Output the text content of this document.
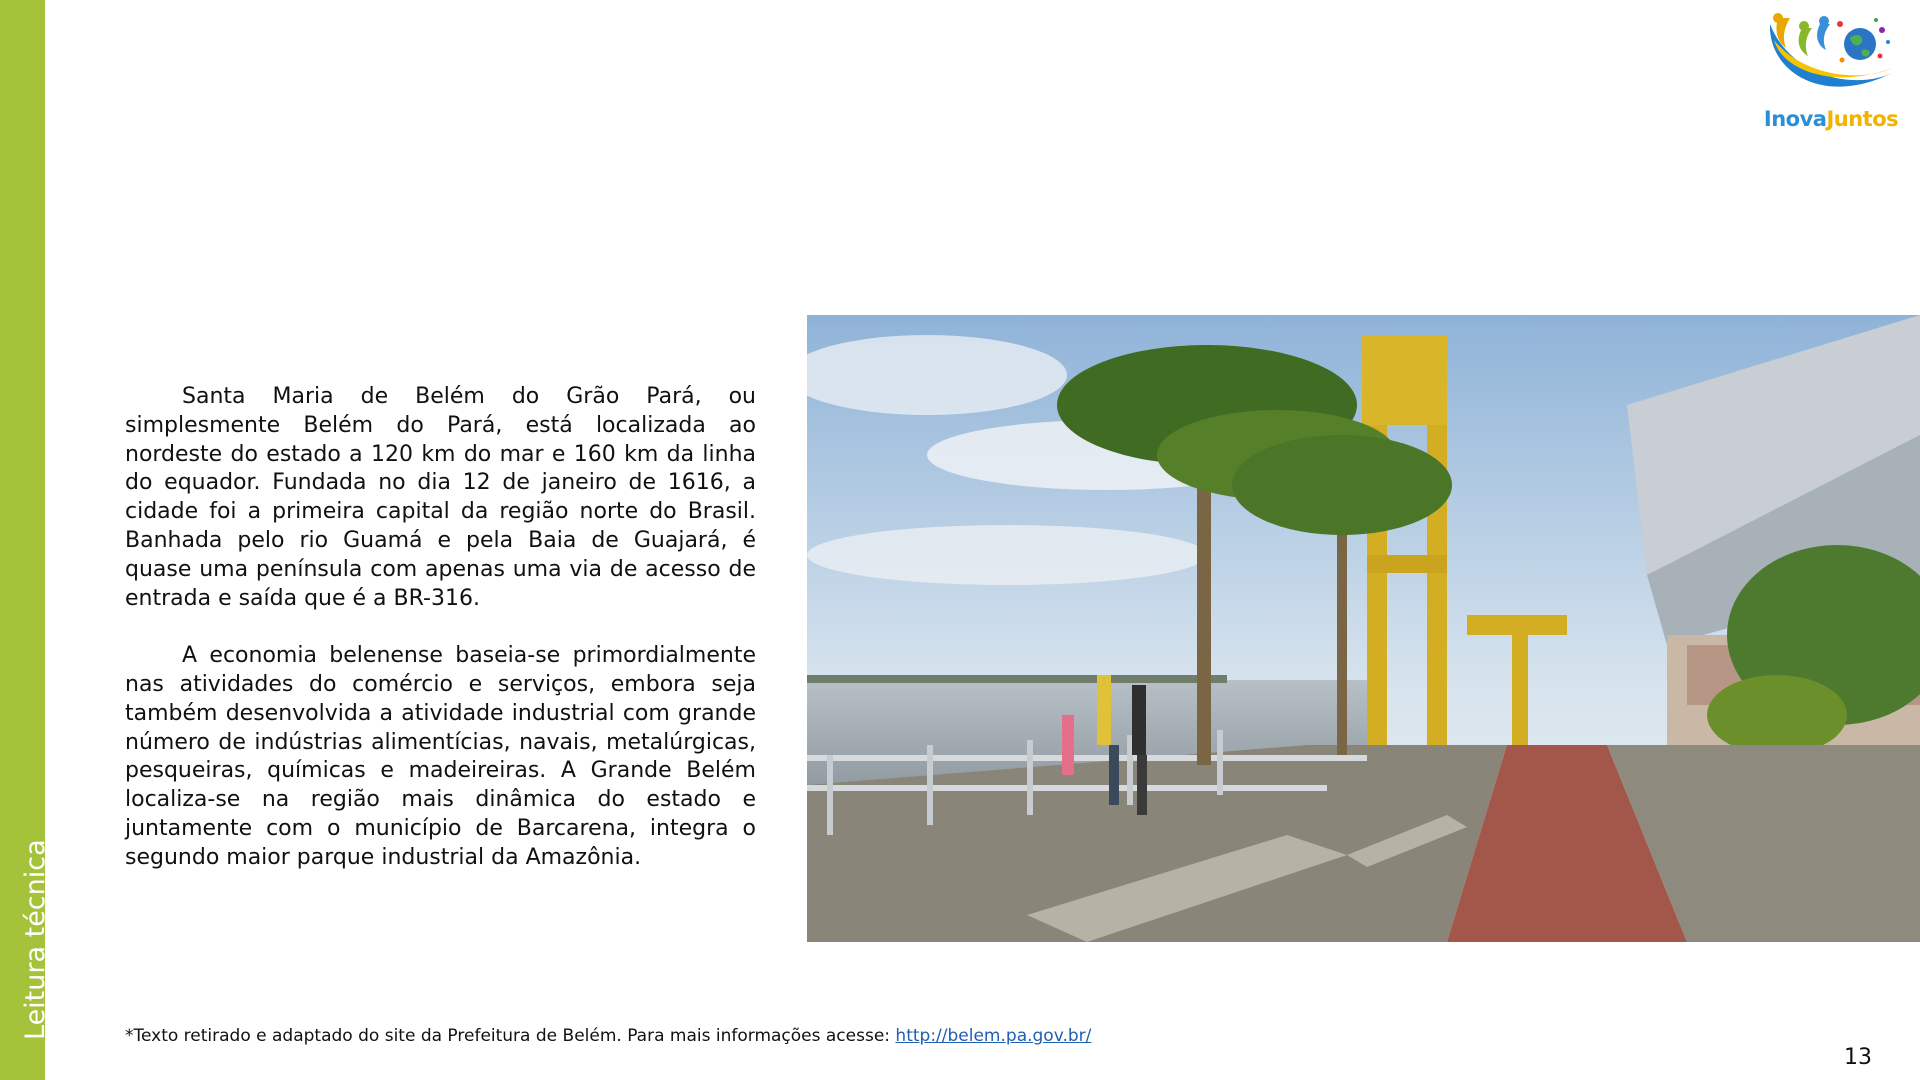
Leitura técnica
InovaJuntos

Santa Maria de Belém do Grão Pará, ou simplesmente Belém do Pará, está localizada ao nordeste do estado a 120 km do mar e 160 km da linha do equador. Fundada no dia 12 de janeiro de 1616, a cidade foi a primeira capital da região norte do Brasil. Banhada pelo rio Guamá e pela Baia de Guajará, é quase uma península com apenas uma via de acesso de entrada e saída que é a BR-316.

A economia belenense baseia-se primordialmente nas atividades do comércio e serviços, embora seja também desenvolvida a atividade industrial com grande número de indústrias alimentícias, navais, metalúrgicas, pesqueiras, químicas e madeireiras. A Grande Belém localiza-se na região mais dinâmica do estado e juntamente com o município de Barcarena, integra o segundo maior parque industrial da Amazônia.

*Texto retirado e adaptado do site da Prefeitura de Belém. Para mais informações acesse: http://belem.pa.gov.br/
13
